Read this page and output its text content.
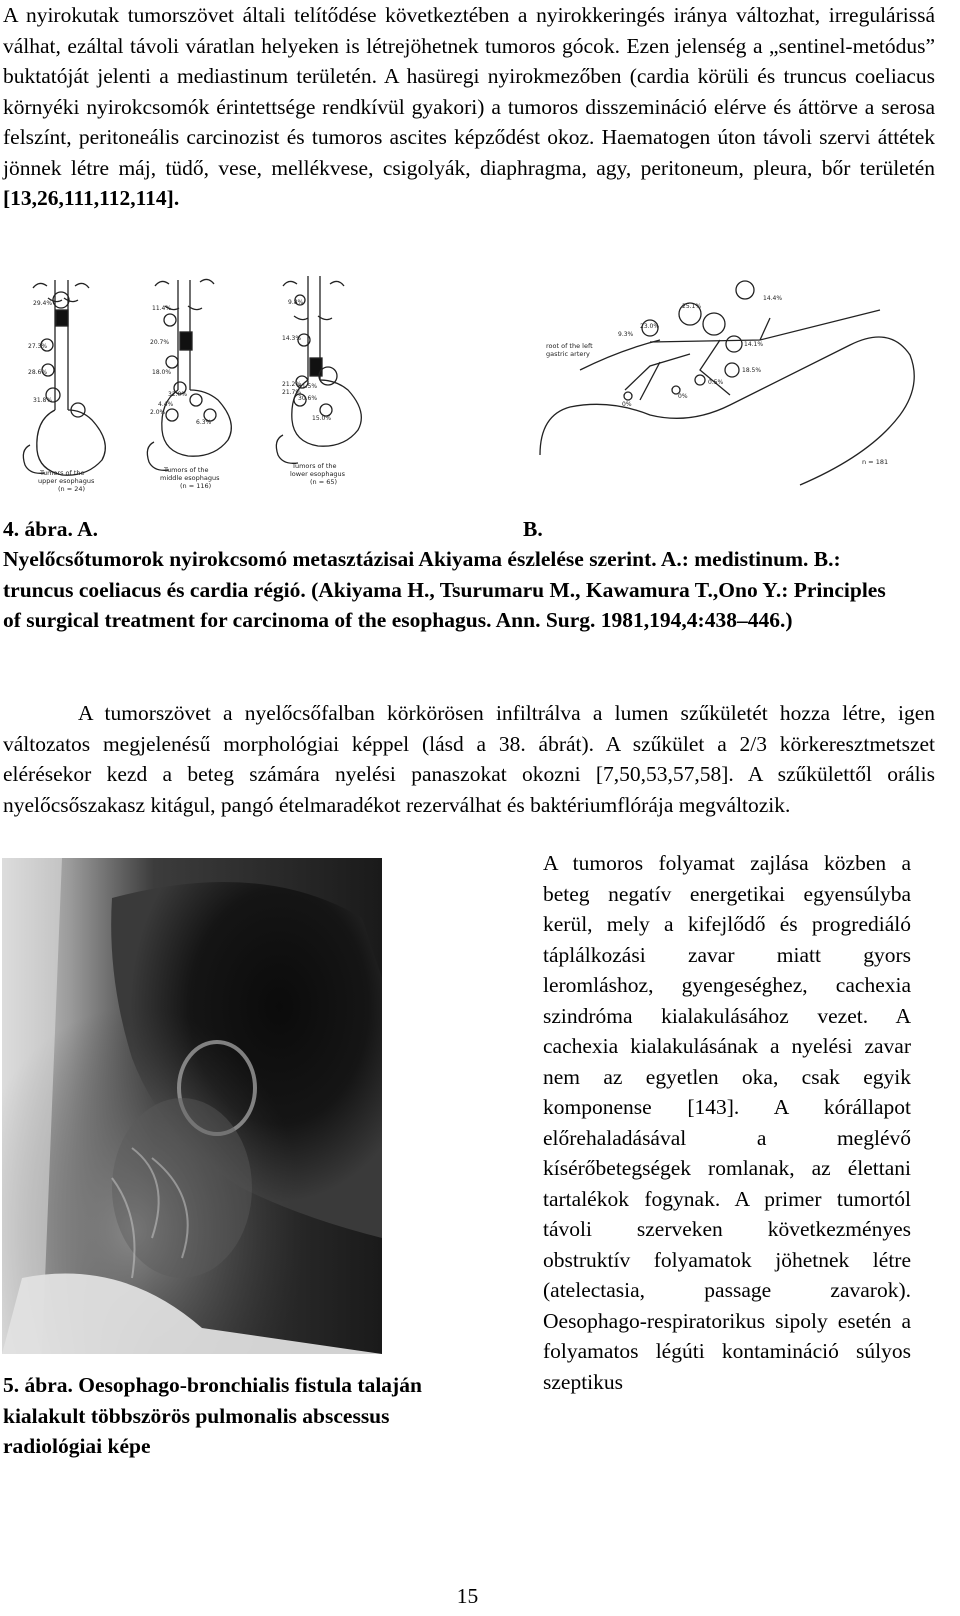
A nyirokutak tumorszövet általi telítődése következtében a nyirokkeringés iránya változhat, irregulárissá válhat, ezáltal távoli váratlan helyeken is létrejöhetnek tumoros gócok. Ezen jelenség a „sentinel-metódus” buktatóját jelenti a mediastinum területén. A hasüregi nyirokmezőben (cardia körüli és truncus coeliacus környéki nyirokcsomók érintettsége rendkívül gyakori) a tumoros disszemináció elérve és áttörve a serosa felszínt, peritoneális carcinozist és tumoros ascites képződést okoz. Haematogen úton távoli szervi áttétek jönnek létre máj, tüdő, vese, mellékvese, csigolyák, diaphragma, agy, peritoneum, pleura, bőr területén [13,26,111,112,114].

29.4%
27.3%
28.6%
31.8%
Tumors of the
upper esophagus
(n = 24)
11.4%
20.7%
18.0%
32.0%
4.4%
2.0%
6.3%
Tumors of the
middle esophagus
(n = 116)
9.8%
14.3%
21.7%
61.5%
21.2%
30.6%
15.0%
Tumors of the
lower esophagus
(n = 65)
14.4%
25.1%
23.0%
9.3%
14.1%
18.5%
0.5%
0%
0%
root of the left
gastric artery
n = 181

4. ábra. A.	B.

Nyelőcsőtumorok nyirokcsomó metasztázisai Akiyama észlelése szerint. A.: medistinum. B.: truncus coeliacus és cardia régió. (Akiyama H., Tsurumaru M., Kawamura T.,Ono Y.: Principles of surgical treatment for carcinoma of the esophagus. Ann. Surg. 1981,194,4:438–446.)

A tumorszövet a nyelőcsőfalban körkörösen infiltrálva a lumen szűkületét hozza létre, igen változatos megjelenésű morphológiai képpel (lásd a 38. ábrát). A szűkület a 2/3 körkeresztmetszet elérésekor kezd a beteg számára nyelési panaszokat okozni [7,50,53,57,58]. A szűkülettől orális nyelőcsőszakasz kitágul, pangó ételmaradékot rezerválhat és baktériumflórája megváltozik.

5. ábra. Oesophago-bronchialis fistula talaján kialakult többszörös pulmonalis abscessus radiológiai képe

A tumoros folyamat zajlása közben a beteg negatív energetikai egyensúlyba kerül, mely a kifejlődő és progrediáló táplálkozási zavar miatt gyors leromláshoz, gyengeséghez, cachexia szindróma kialakulásához vezet. A cachexia kialakulásának a nyelési zavar nem az egyetlen oka, csak egyik komponense [143]. A kórállapot előrehaladásával a meglévő kísérőbetegségek romlanak, az élettani tartalékok fogynak. A primer tumortól távoli szerveken következményes obstruktív folyamatok jöhetnek létre (atelectasia, passage zavarok). Oesophago-respiratorikus sipoly esetén a folyamatos légúti kontamináció súlyos szeptikus

15
